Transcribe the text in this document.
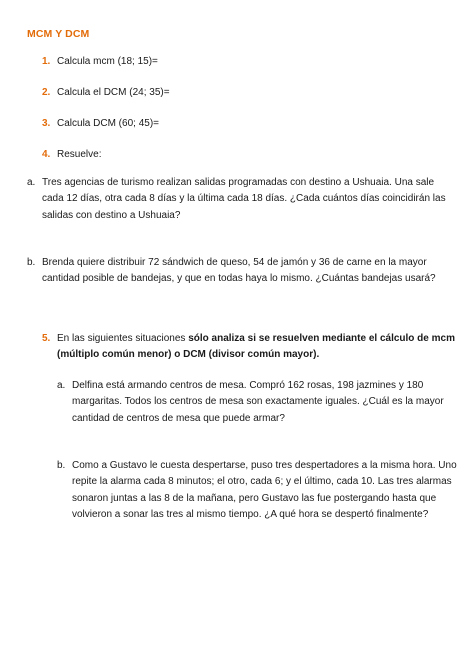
MCM Y DCM
1. Calcula mcm (18; 15)=
2. Calcula el DCM (24; 35)=
3. Calcula DCM (60; 45)=
4. Resuelve:
a. Tres agencias de turismo realizan salidas programadas con destino a Ushuaia. Una sale cada 12 días, otra cada 8 días y la última cada 18 días. ¿Cada cuántos días coincidirán las salidas con destino a Ushuaia?
b. Brenda quiere distribuir 72 sándwich de queso, 54 de jamón y 36 de carne en la mayor cantidad posible de bandejas, y que en todas haya lo mismo. ¿Cuántas bandejas usará?
5. En las siguientes situaciones sólo analiza si se resuelven mediante el cálculo de mcm (múltiplo común menor) o DCM (divisor común mayor).
a. Delfina está armando centros de mesa. Compró 162 rosas, 198 jazmines y 180 margaritas. Todos los centros de mesa son exactamente iguales. ¿Cuál es la mayor cantidad de centros de mesa que puede armar?
b. Como a Gustavo le cuesta despertarse, puso tres despertadores a la misma hora. Uno repite la alarma cada 8 minutos; el otro, cada 6; y el último, cada 10. Las tres alarmas sonaron juntas a las 8 de la mañana, pero Gustavo las fue postergando hasta que volvieron a sonar las tres al mismo tiempo. ¿A qué hora se despertó finalmente?
